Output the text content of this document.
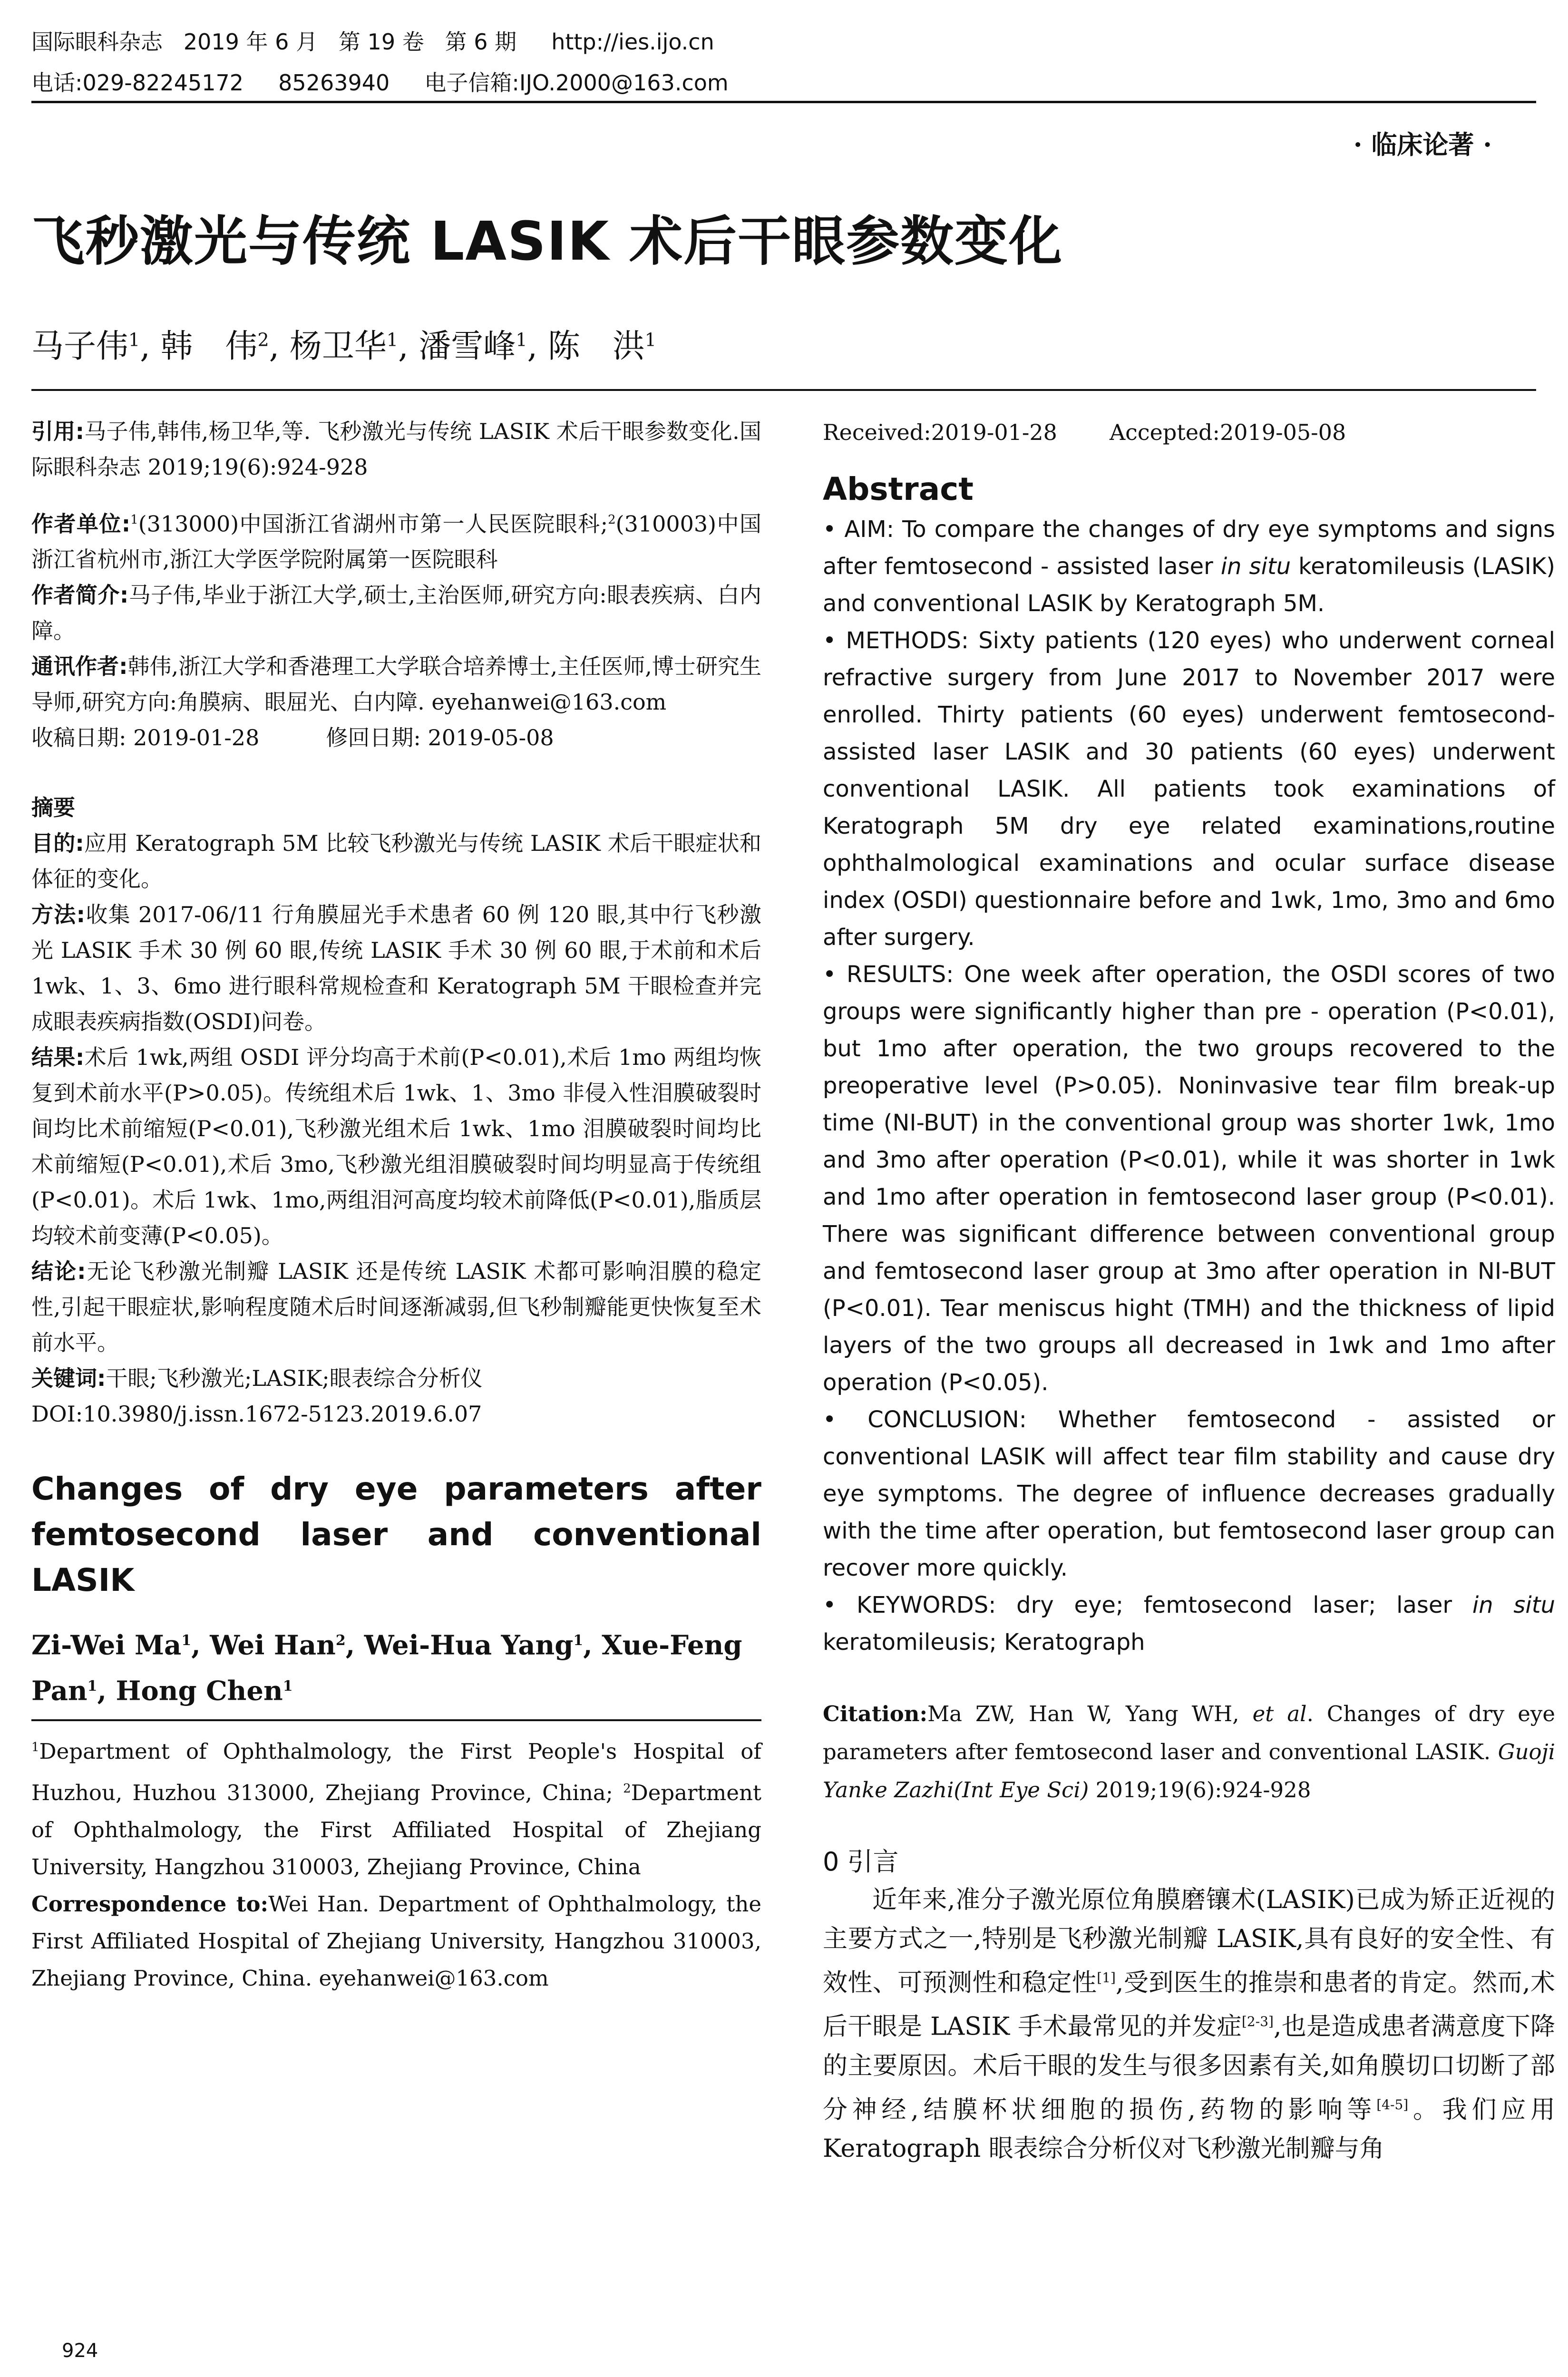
国际眼科杂志   2019 年 6 月   第 19 卷   第 6 期     http://ies.ijo.cn
电话:029-82245172     85263940     电子信箱:IJO.2000@163.com
· 临床论著 ·
飞秒激光与传统 LASIK 术后干眼参数变化
马子伟$^1$, 韩　伟$^2$, 杨卫华$^1$, 潘雪峰$^1$, 陈　洪$^1$

引用:马子伟,韩伟,杨卫华,等. 飞秒激光与传统 LASIK 术后干眼参数变化.国际眼科杂志 2019;19(6):924-928

作者单位:$^1$(313000)中国浙江省湖州市第一人民医院眼科;$^2$(310003)中国浙江省杭州市,浙江大学医学院附属第一医院眼科

作者简介:马子伟,毕业于浙江大学,硕士,主治医师,研究方向:眼表疾病、白内障。

通讯作者:韩伟,浙江大学和香港理工大学联合培养博士,主任医师,博士研究生导师,研究方向:角膜病、眼屈光、白内障. eyehanwei@163.com

收稿日期: 2019-01-28	修回日期: 2019-05-08

摘要

目的:应用 Keratograph 5M 比较飞秒激光与传统 LASIK 术后干眼症状和体征的变化。

方法:收集 2017-06/11 行角膜屈光手术患者 60 例 120 眼,其中行飞秒激光 LASIK 手术 30 例 60 眼,传统 LASIK 手术 30 例 60 眼,于术前和术后 1wk、1、3、6mo 进行眼科常规检查和 Keratograph 5M 干眼检查并完成眼表疾病指数(OSDI)问卷。

结果:术后 1wk,两组 OSDI 评分均高于术前(P<0.01),术后 1mo 两组均恢复到术前水平(P>0.05)。传统组术后 1wk、1、3mo 非侵入性泪膜破裂时间均比术前缩短(P<0.01),飞秒激光组术后 1wk、1mo 泪膜破裂时间均比术前缩短(P<0.01),术后 3mo,飞秒激光组泪膜破裂时间均明显高于传统组(P<0.01)。术后 1wk、1mo,两组泪河高度均较术前降低(P<0.01),脂质层均较术前变薄(P<0.05)。

结论:无论飞秒激光制瓣 LASIK 还是传统 LASIK 术都可影响泪膜的稳定性,引起干眼症状,影响程度随术后时间逐渐减弱,但飞秒制瓣能更快恢复至术前水平。

关键词:干眼;飞秒激光;LASIK;眼表综合分析仪

DOI:10.3980/j.issn.1672-5123.2019.6.07

Changes of dry eye parameters after femtosecond laser and conventional LASIK

Zi-Wei Ma$^1$, Wei Han$^2$, Wei-Hua Yang$^1$, Xue-Feng Pan$^1$, Hong Chen$^1$

$^1$Department of Ophthalmology, the First People's Hospital of Huzhou, Huzhou 313000, Zhejiang Province, China; $^2$Department of Ophthalmology, the First Affiliated Hospital of Zhejiang University, Hangzhou 310003, Zhejiang Province, China

Correspondence to:Wei Han. Department of Ophthalmology, the First Affiliated Hospital of Zhejiang University, Hangzhou 310003, Zhejiang Province, China. eyehanwei@163.com

Received:2019-01-28 Accepted:2019-05-08

Abstract

• AIM: To compare the changes of dry eye symptoms and signs after femtosecond - assisted laser in situ keratomileusis (LASIK) and conventional LASIK by Keratograph 5M.

• METHODS: Sixty patients (120 eyes) who underwent corneal refractive surgery from June 2017 to November 2017 were enrolled. Thirty patients (60 eyes) underwent femtosecond-assisted laser LASIK and 30 patients (60 eyes) underwent conventional LASIK. All patients took examinations of Keratograph 5M dry eye related examinations,routine ophthalmological examinations and ocular surface disease index (OSDI) questionnaire before and 1wk, 1mo, 3mo and 6mo after surgery.

• RESULTS: One week after operation, the OSDI scores of two groups were significantly higher than pre - operation (P<0.01), but 1mo after operation, the two groups recovered to the preoperative level (P>0.05). Noninvasive tear film break-up time (NI-BUT) in the conventional group was shorter 1wk, 1mo and 3mo after operation (P<0.01), while it was shorter in 1wk and 1mo after operation in femtosecond laser group (P<0.01). There was significant difference between conventional group and femtosecond laser group at 3mo after operation in NI-BUT (P<0.01). Tear meniscus hight (TMH) and the thickness of lipid layers of the two groups all decreased in 1wk and 1mo after operation (P<0.05).

• CONCLUSION: Whether femtosecond - assisted or conventional LASIK will affect tear film stability and cause dry eye symptoms. The degree of influence decreases gradually with the time after operation, but femtosecond laser group can recover more quickly.

• KEYWORDS: dry eye; femtosecond laser; laser in situ keratomileusis; Keratograph

Citation:Ma ZW, Han W, Yang WH, et al. Changes of dry eye parameters after femtosecond laser and conventional LASIK. Guoji Yanke Zazhi(Int Eye Sci) 2019;19(6):924-928

0 引言

近年来,准分子激光原位角膜磨镶术(LASIK)已成为矫正近视的主要方式之一,特别是飞秒激光制瓣 LASIK,具有良好的安全性、有效性、可预测性和稳定性[1],受到医生的推崇和患者的肯定。然而,术后干眼是 LASIK 手术最常见的并发症[2-3],也是造成患者满意度下降的主要原因。术后干眼的发生与很多因素有关,如角膜切口切断了部分神经,结膜杯状细胞的损伤,药物的影响等[4-5]。我们应用 Keratograph 眼表综合分析仪对飞秒激光制瓣与角

924
